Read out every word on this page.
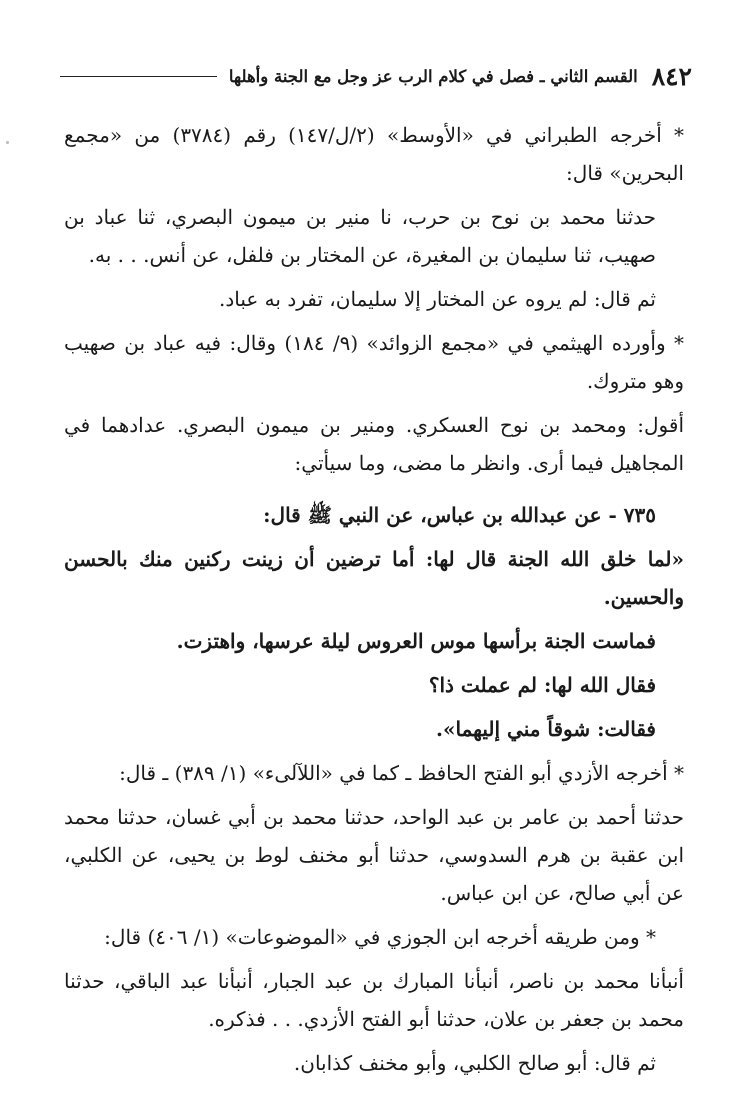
٨٤٢
القسم الثاني ـ فصل في كلام الرب عز وجل مع الجنة وأهلها

* أخرجه الطبراني في «الأوسط» (٢/ل/١٤٧) رقم (٣٧٨٤) من «مجمع البحرين» قال:

حدثنا محمد بن نوح بن حرب، نا منير بن ميمون البصري، ثنا عباد بن صهيب، ثنا سليمان بن المغيرة، عن المختار بن فلفل، عن أنس. . . به.

ثم قال: لم يروه عن المختار إلا سليمان، تفرد به عباد.

* وأورده الهيثمي في «مجمع الزوائد» (٩/ ١٨٤) وقال: فيه عباد بن صهيب وهو متروك.

أقول: ومحمد بن نوح العسكري. ومنير بن ميمون البصري. عدادهما في المجاهيل فيما أرى. وانظر ما مضى، وما سيأتي:

٧٣٥ - عن عبدالله بن عباس، عن النبي ﷺ قال:

«لما خلق الله الجنة قال لها: أما ترضين أن زينت ركنين منك بالحسن والحسين.

فماست الجنة برأسها موس العروس ليلة عرسها، واهتزت.

فقال الله لها: لم عملت ذا؟

فقالت: شوقاً مني إليهما».

* أخرجه الأزدي أبو الفتح الحافظ ـ كما في «اللآلىء» (١/ ٣٨٩) ـ قال:

حدثنا أحمد بن عامر بن عبد الواحد، حدثنا محمد بن أبي غسان، حدثنا محمد ابن عقبة بن هرم السدوسي، حدثنا أبو مخنف لوط بن يحيى، عن الكلبي، عن أبي صالح، عن ابن عباس.

* ومن طريقه أخرجه ابن الجوزي في «الموضوعات» (١/ ٤٠٦) قال:

أنبأنا محمد بن ناصر، أنبأنا المبارك بن عبد الجبار، أنبأنا عبد الباقي، حدثنا محمد بن جعفر بن علان، حدثنا أبو الفتح الأزدي. . . فذكره.

ثم قال: أبو صالح الكلبي، وأبو مخنف كذابان.
